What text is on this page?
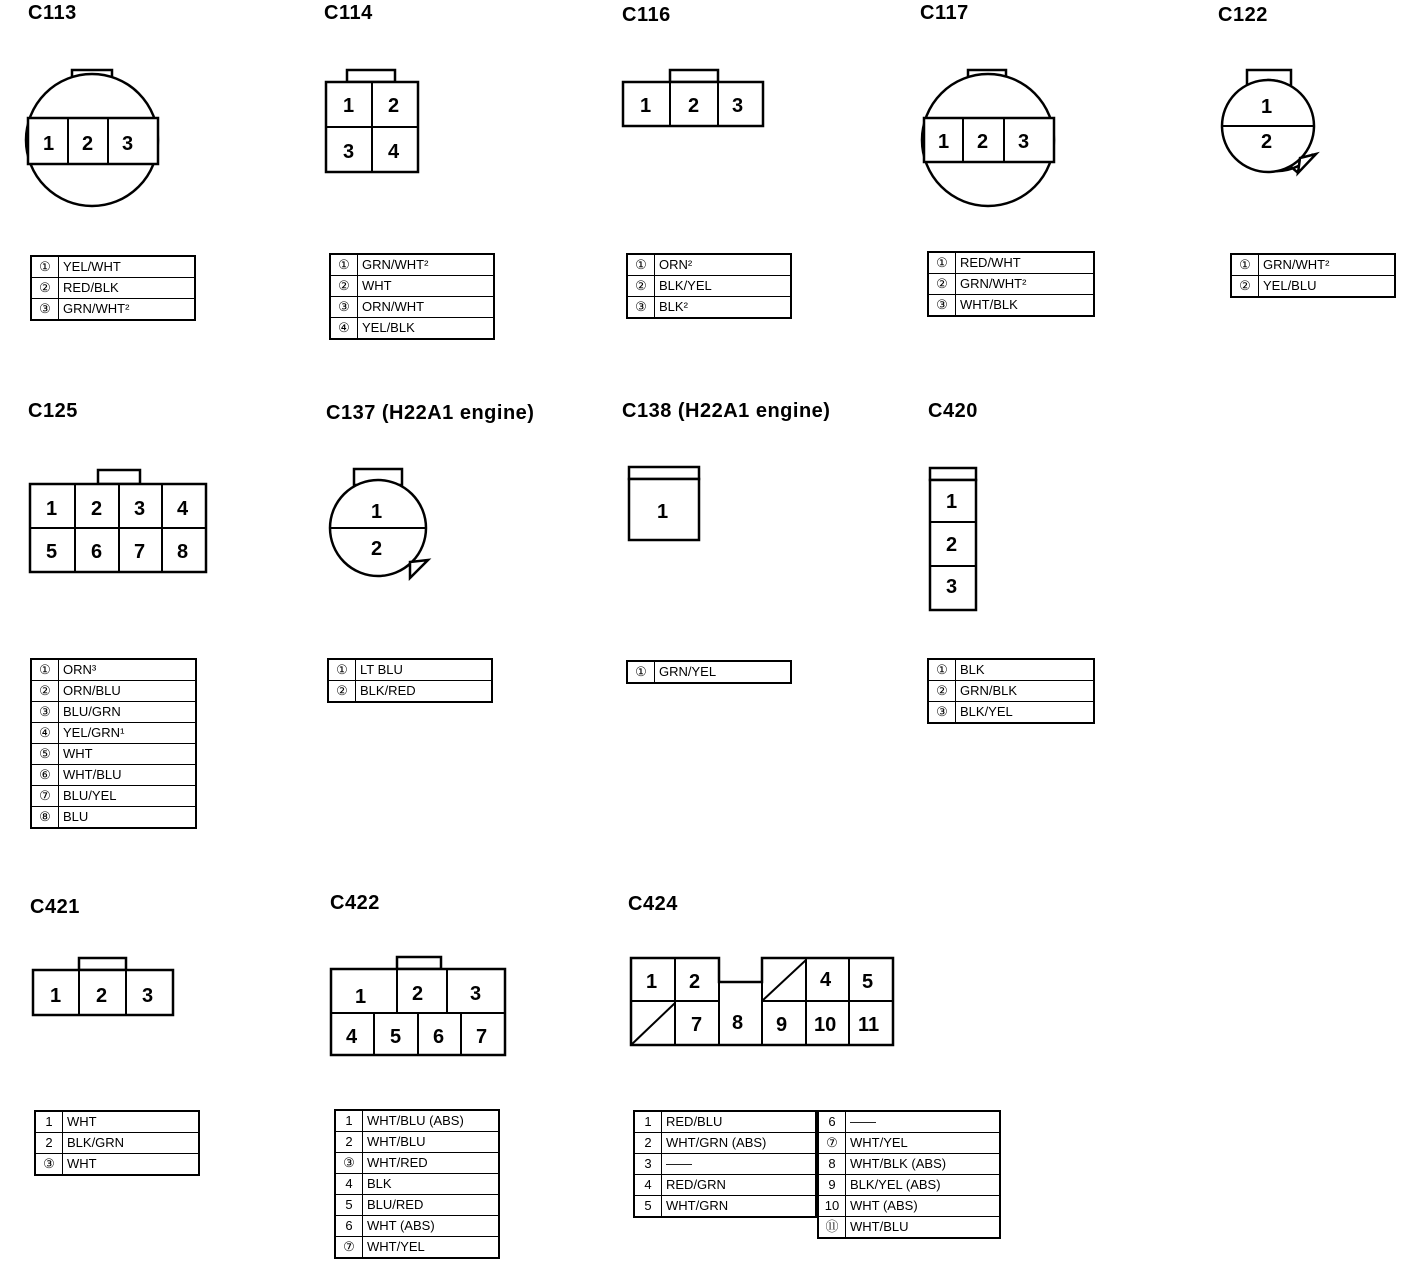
C113
1 2 3
①	YEL/WHT
②	RED/BLK
③	GRN/WHT²
C114
1 2
3 4
①	GRN/WHT²
②	WHT
③	ORN/WHT
④	YEL/BLK
C116
1 2 3
①	ORN²
②	BLK/YEL
③	BLK²
C117
1 2 3
①	RED/WHT
②	GRN/WHT²
③	WHT/BLK
C122
1
2
①	GRN/WHT²
②	YEL/BLU
C125
1 2 3 4
5 6 7 8
①	ORN³
②	ORN/BLU
③	BLU/GRN
④	YEL/GRN¹
⑤	WHT
⑥	WHT/BLU
⑦	BLU/YEL
⑧	BLU
C137 (H22A1 engine)
1
2
①	LT BLU
②	BLK/RED
C138 (H22A1 engine)
1
①	GRN/YEL
C420
1
2
3
①	BLK
②	GRN/BLK
③	BLK/YEL
C421
1 2 3
1	WHT
2	BLK/GRN
③	WHT
C422
1 2 3
4 5 6 7
1	WHT/BLU (ABS)
2	WHT/BLU
③	WHT/RED
4	BLK
5	BLU/RED
6	WHT (ABS)
⑦	WHT/YEL
C424
1 2	4 5
7 8 9 10 11
1	RED/BLU
2	WHT/GRN (ABS)
3	——
4	RED/GRN
5	WHT/GRN
6	——
⑦	WHT/YEL
8	WHT/BLK (ABS)
9	BLK/YEL (ABS)
10	WHT (ABS)
⑪	WHT/BLU
